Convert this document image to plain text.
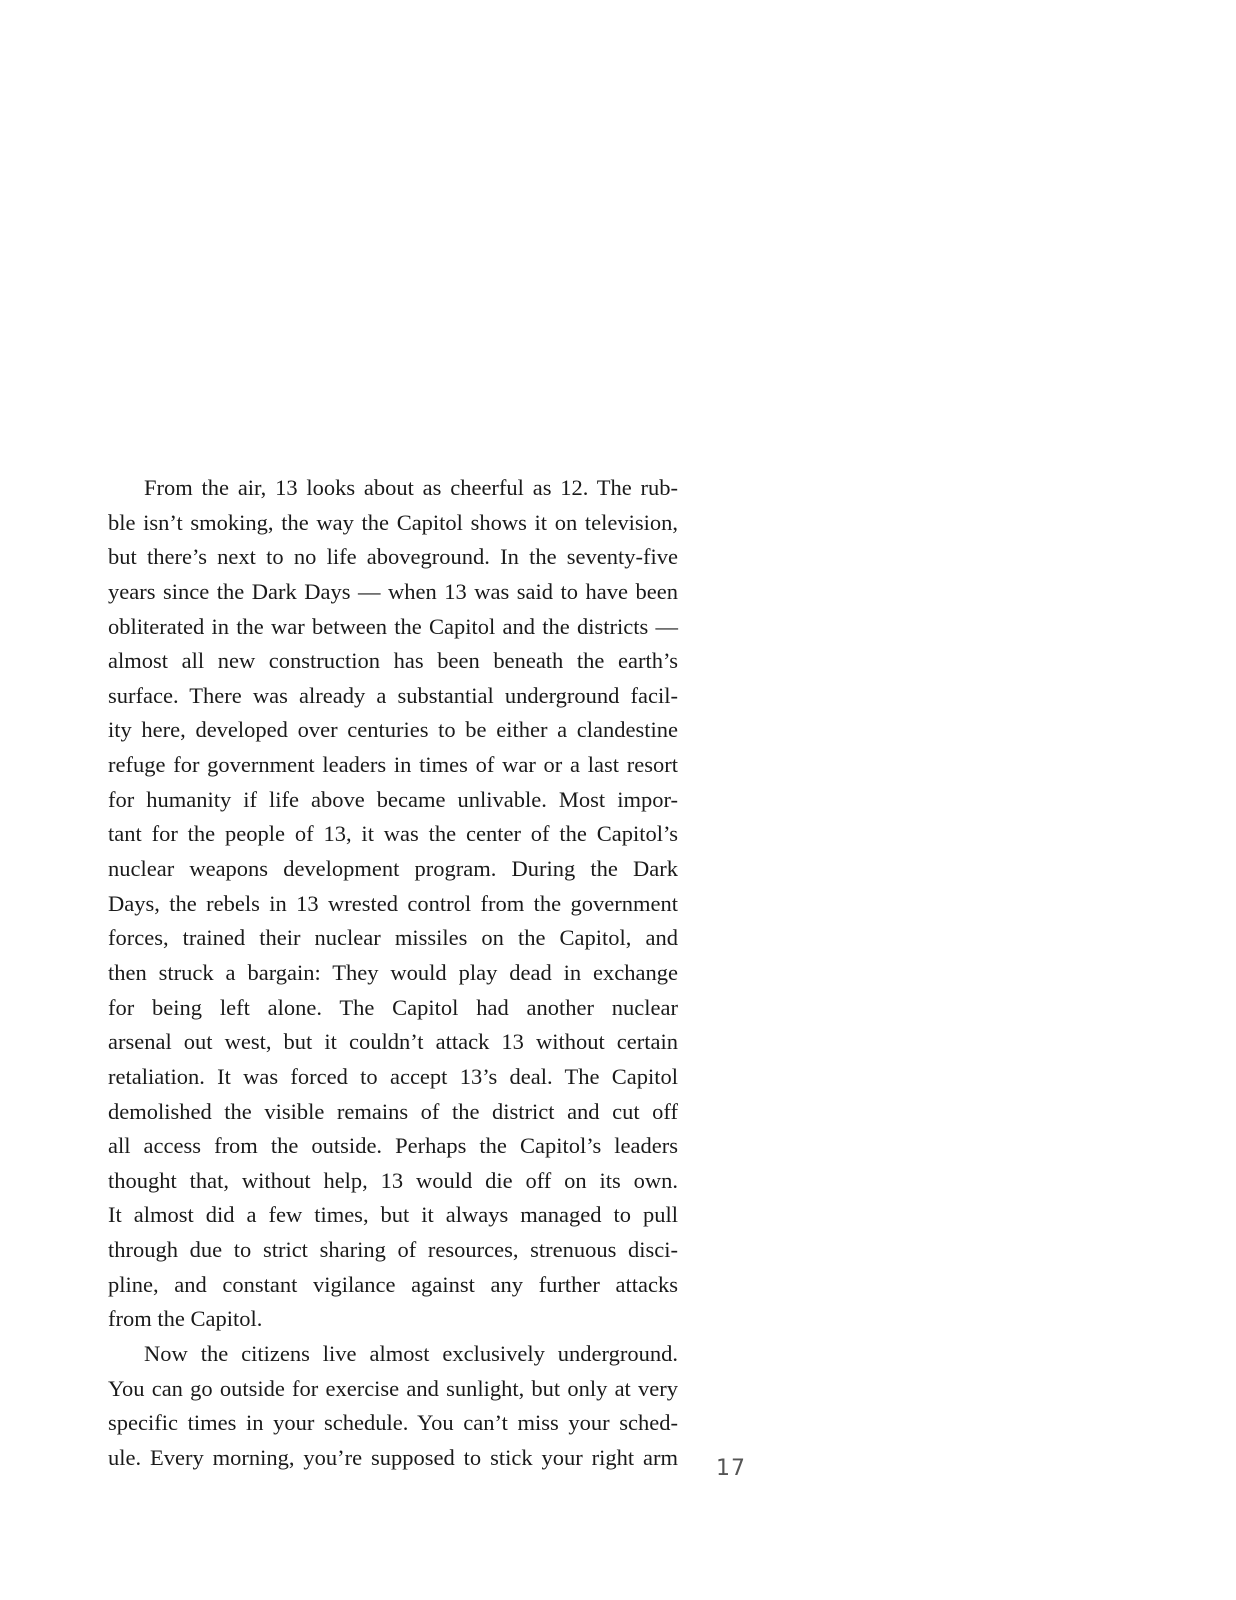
From the air, 13 looks about as cheerful as 12. The rub-
ble isn’t smoking, the way the Capitol shows it on television,
but there’s next to no life aboveground. In the seventy-five
years since the Dark Days — when 13 was said to have been
obliterated in the war between the Capitol and the districts —
almost all new construction has been beneath the earth’s
surface. There was already a substantial underground facil-
ity here, developed over centuries to be either a clandestine
refuge for government leaders in times of war or a last resort
for humanity if life above became unlivable. Most impor-
tant for the people of 13, it was the center of the Capitol’s
nuclear weapons development program. During the Dark
Days, the rebels in 13 wrested control from the government
forces, trained their nuclear missiles on the Capitol, and
then struck a bargain: They would play dead in exchange
for being left alone. The Capitol had another nuclear
arsenal out west, but it couldn’t attack 13 without certain
retaliation. It was forced to accept 13’s deal. The Capitol
demolished the visible remains of the district and cut off
all access from the outside. Perhaps the Capitol’s leaders
thought that, without help, 13 would die off on its own.
It almost did a few times, but it always managed to pull
through due to strict sharing of resources, strenuous disci-
pline, and constant vigilance against any further attacks
from the Capitol.
Now the citizens live almost exclusively underground.
You can go outside for exercise and sunlight, but only at very
specific times in your schedule. You can’t miss your sched-
ule. Every morning, you’re supposed to stick your right arm 17
